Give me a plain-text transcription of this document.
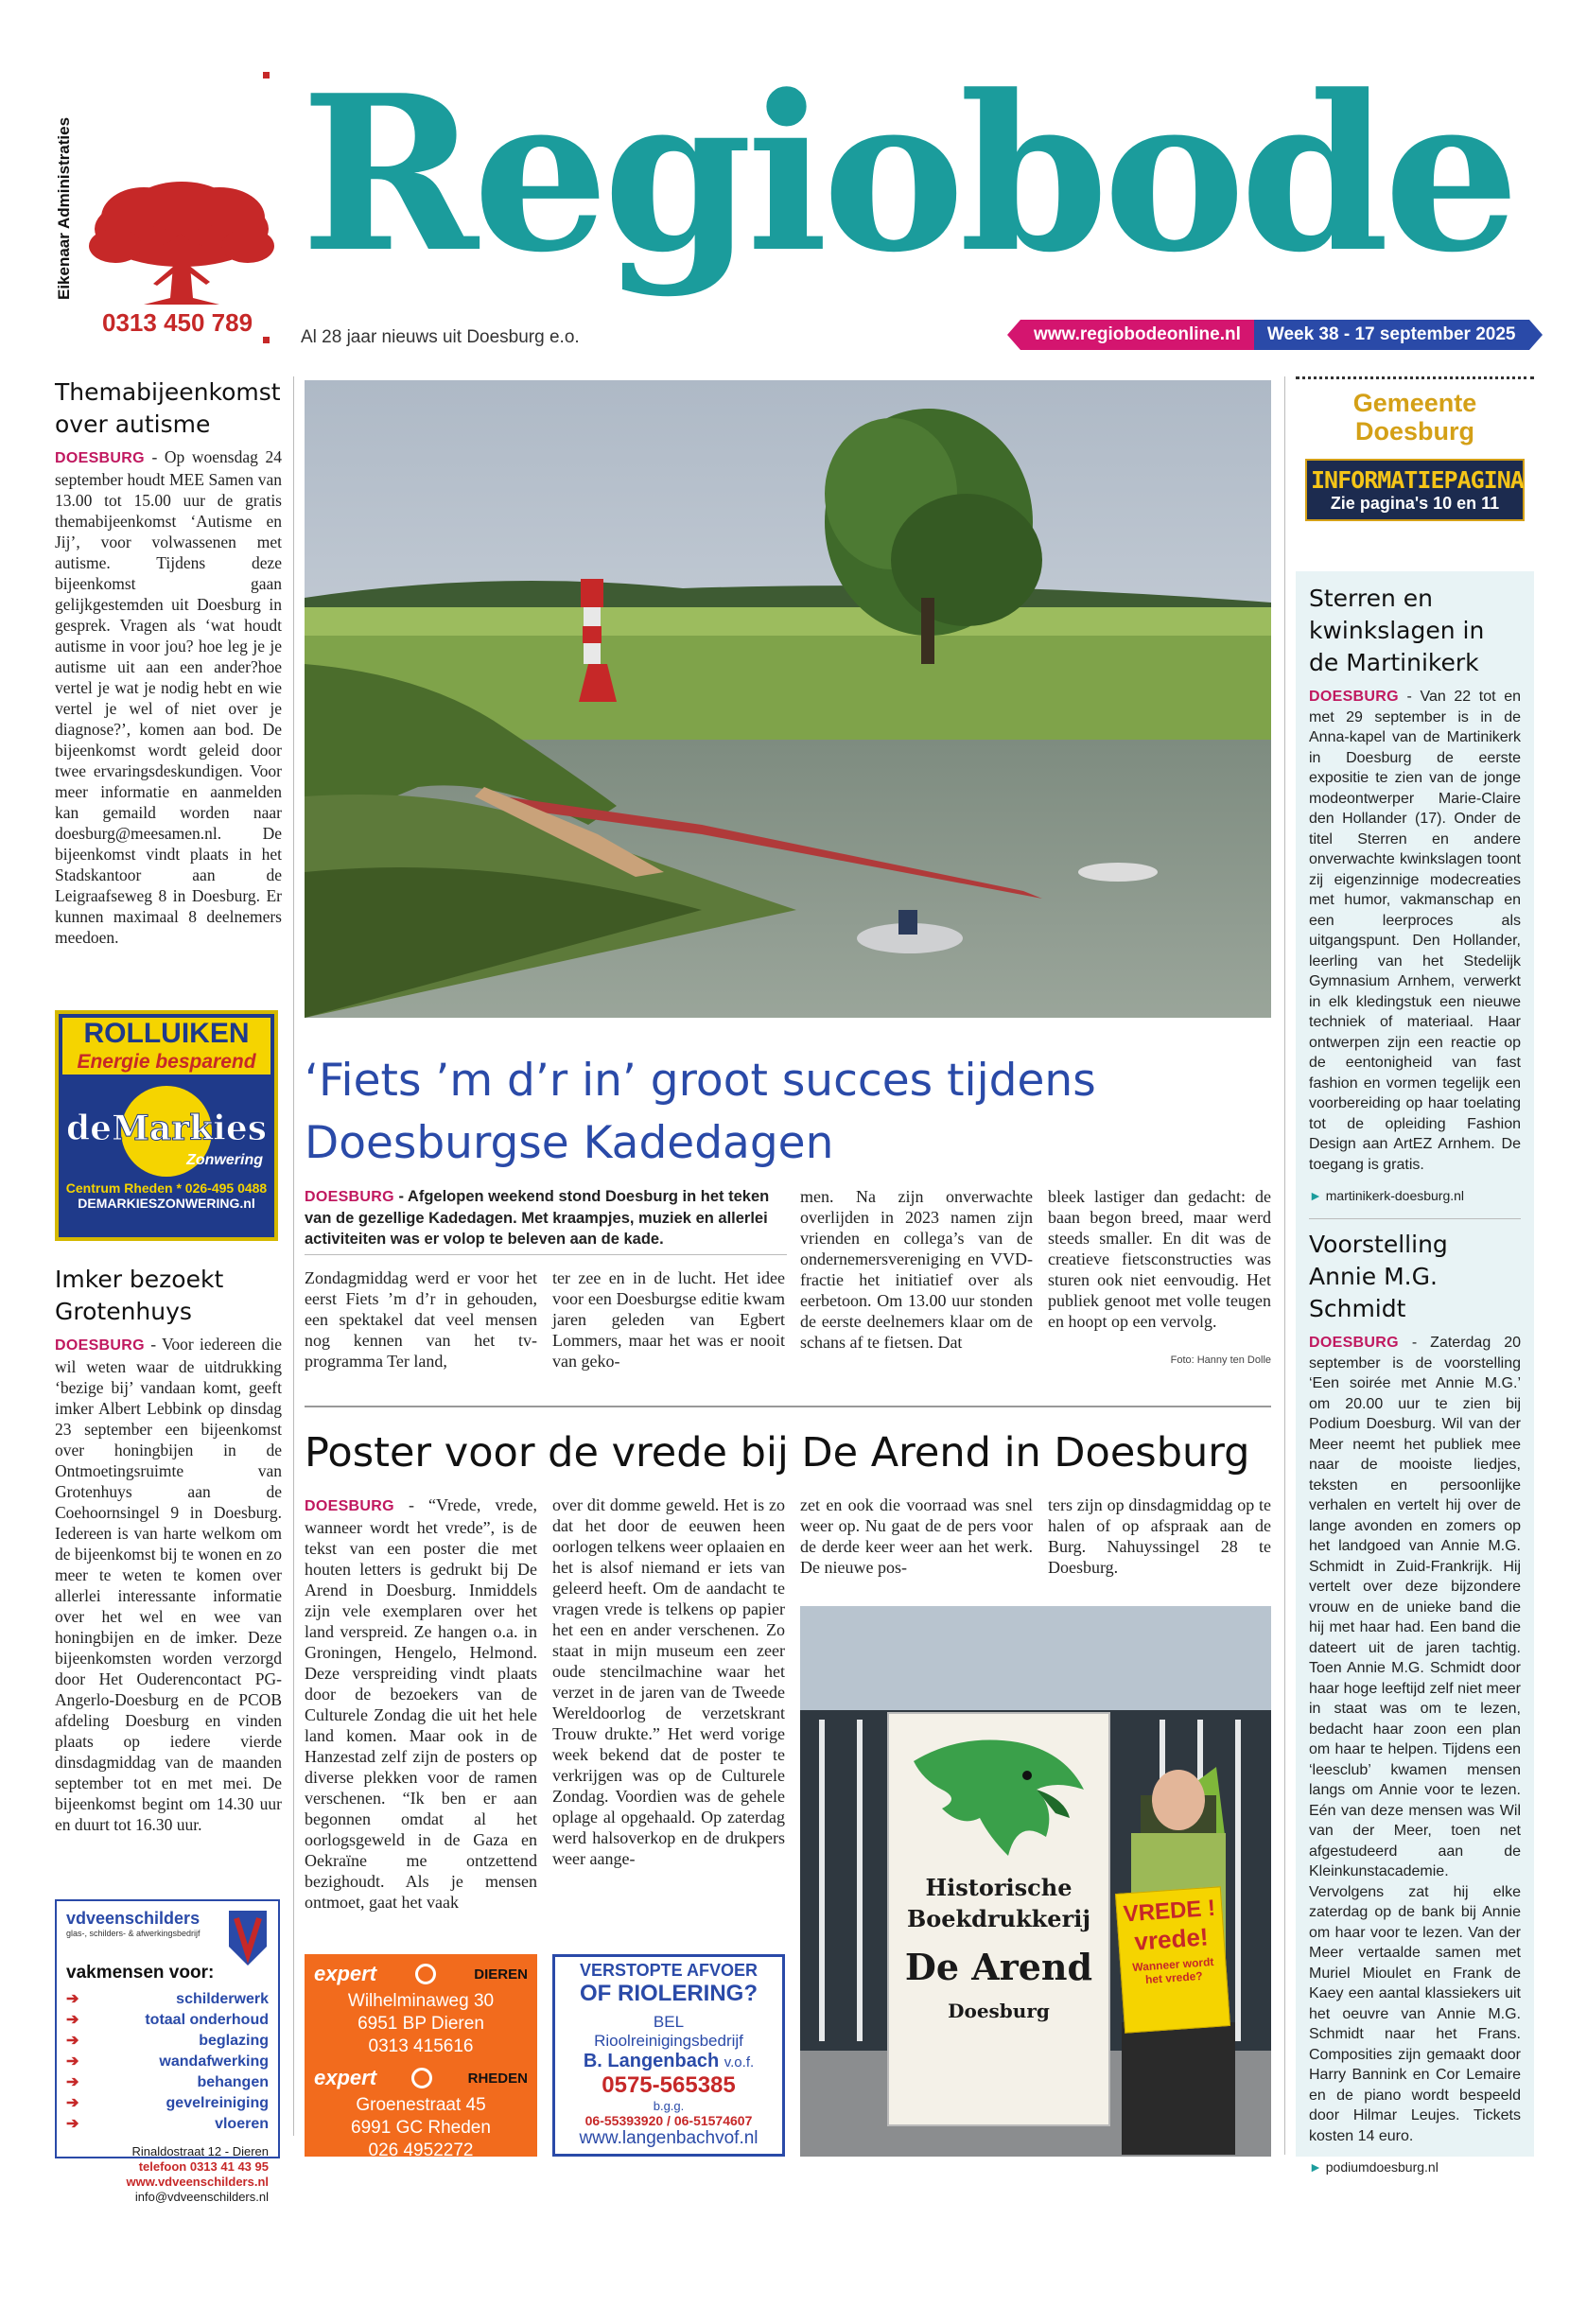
Eikenaar Administraties
0313 450 789
Regiobode
Al 28 jaar nieuws uit Doesburg e.o.	www.regiobodeonline.nl	Week 38 - 17 september 2025
Themabijeenkomst over autisme

DOESBURG - Op woensdag 24 september houdt MEE Samen van 13.00 tot 15.00 uur de gratis themabijeenkomst ‘Autisme en Jij’, voor volwassenen met autisme. Tijdens deze bijeenkomst gaan gelijkgestemden uit Doesburg in gesprek. Vragen als ‘wat houdt autisme in voor jou? hoe leg je je autisme uit aan een ander?hoe vertel je wat je nodig hebt en wie vertel je wel of niet over je diagnose?’, komen aan bod. De bijeenkomst wordt geleid door twee ervaringsdeskundigen. Voor meer informatie en aanmelden kan gemaild worden naar doesburg@meesamen.nl. De bijeenkomst vindt plaats in het Stadskantoor aan de Leigraafseweg 8 in Doesburg. Er kunnen maximaal 8 deelnemers meedoen.

ROLLUIKEN
Energie besparend
deMarkies
Zonwering
Centrum Rheden * 026-495 0488
DEMARKIESZONWERING.nl
Imker bezoekt Grotenhuys

DOESBURG - Voor iedereen die wil weten waar de uitdrukking ‘bezige bij’ vandaan komt, geeft imker Albert Lebbink op dinsdag 23 september een bijeenkomst over honingbijen in de Ontmoetingsruimte van Grotenhuys aan de Coehoornsingel 9 in Doesburg. Iedereen is van harte welkom om de bijeenkomst bij te wonen en zo meer te weten te komen over allerlei interessante informatie over het wel en wee van honingbijen en de imker. Deze bijeenkomsten worden verzorgd door Het Ouderencontact PG-Angerlo-Doesburg en de PCOB afdeling Doesburg en vinden plaats op iedere vierde dinsdagmiddag van de maanden september tot en met mei. De bijeenkomst begint om 14.30 uur en duurt tot 16.30 uur.

vdveenschilders
glas-, schilders- & afwerkingsbedrijf
vakmensen voor:
➔	schilderwerk
➔	totaal onderhoud
➔	beglazing
➔	wandafwerking
➔	behangen
➔	gevelreiniging
➔	vloeren
Rinaldostraat 12 - Dieren
telefoon 0313 41 43 95
www.vdveenschilders.nl
info@vdveenschilders.nl
‘Fiets ’m d’r in’ groot succes tijdens
Doesburgse Kadedagen
DOESBURG - Afgelopen weekend stond Doesburg in het teken van de gezellige Kadedagen. Met kraampjes, muziek en allerlei activiteiten was er volop te beleven aan de kade.
Zondagmiddag werd er voor het eerst Fiets ’m d’r in gehouden, een spektakel dat veel mensen nog kennen van het tv-programma Ter land,
ter zee en in de lucht. Het idee voor een Doesburgse editie kwam jaren geleden van Egbert Lommers, maar het was er nooit van geko-
men. Na zijn onverwachte overlijden in 2023 namen zijn vrienden en collega’s van de ondernemersvereniging en VVD-fractie het initiatief over als eerbetoon. Om 13.00 uur stonden de eerste deelnemers klaar om de schans af te fietsen. Dat
bleek lastiger dan gedacht: de baan begon breed, maar werd steeds smaller. En dit was de creatieve fietsconstructies was sturen ook niet eenvoudig. Het publiek genoot met volle teugen en hoopt op een vervolg.
Foto: Hanny ten Dolle
Poster voor de vrede bij De Arend in Doesburg
DOESBURG - “Vrede, vrede, wanneer wordt het vrede”, is de tekst van een poster die met houten letters is gedrukt bij De Arend in Doesburg. Inmiddels zijn vele exemplaren over het land verspreid. Ze hangen o.a. in Groningen, Hengelo, Helmond. Deze verspreiding vindt plaats door de bezoekers van de Culturele Zondag die uit het hele land komen. Maar ook in de Hanzestad zelf zijn de posters op diverse plekken voor de ramen verschenen. “Ik ben er aan begonnen omdat al het oorlogsgeweld in de Gaza en Oekraïne me ontzettend bezighoudt. Als je mensen ontmoet, gaat het vaak
over dit domme geweld. Het is zo dat het door de eeuwen heen oorlogen telkens weer oplaaien en het is alsof niemand er iets van geleerd heeft. Om de aandacht te vragen vrede is telkens op papier het een en ander verschenen. Zo staat in mijn museum een zeer oude stencilmachine waar het verzet in de jaren van de Tweede Wereldoorlog de verzetskrant Trouw drukte.” Het werd vorige week bekend dat de poster te verkrijgen was op de Culturele Zondag. Voordien was de gehele oplage al opgehaald. Op zaterdag werd halsoverkop en de drukpers weer aange-
zet en ook die voorraad was snel weer op. Nu gaat de de pers voor de derde keer weer aan het werk. De nieuwe pos-
ters zijn op dinsdagmiddag op te halen of op afspraak aan de Burg. Nahuyssingel 28 te Doesburg.
Historische
Boekdrukkerij
De Arend
Doesburg
VREDE !
vrede!
Wanneer wordt het vrede?
expert	DIEREN
Wilhelminaweg 30
6951 BP Dieren
0313 415616
expert	RHEDEN
Groenestraat 45
6991 GC Rheden
026 4952272
VERSTOPTE AFVOER
OF RIOLERING?
BEL
Rioolreinigingsbedrijf
B. Langenbach v.o.f.
0575-565385
b.g.g.
06-55393920 / 06-51574607
www.langenbachvof.nl
Gemeente
Doesburg
INFORMATIEPAGINA
Zie pagina's 10 en 11
Sterren en kwinkslagen in de Martinikerk

DOESBURG - Van 22 tot en met 29 september is in de Anna-kapel van de Martinikerk in Doesburg de eerste expositie te zien van de jonge modeontwerper Marie-Claire den Hollander (17). Onder de titel Sterren en andere onverwachte kwinkslagen toont zij eigenzinnige modecreaties met humor, vakmanschap en een leerproces als uitgangspunt. Den Hollander, leerling van het Stedelijk Gymnasium Arnhem, verwerkt in elk kledingstuk een nieuwe techniek of materiaal. Haar ontwerpen zijn een reactie op de eentonigheid van fast fashion en vormen tegelijk een voorbereiding op haar toelating tot de opleiding Fashion Design aan ArtEZ Arnhem. De toegang is gratis.

► martinikerk-doesburg.nl
Voorstelling Annie M.G. Schmidt

DOESBURG - Zaterdag 20 september is de voorstelling ‘Een soirée met Annie M.G.’ om 20.00 uur te zien bij Podium Doesburg. Wil van der Meer neemt het publiek mee naar de mooiste liedjes, teksten en persoonlijke verhalen en vertelt hij over de lange avonden en zomers op het landgoed van Annie M.G. Schmidt in Zuid-Frankrijk. Hij vertelt over deze bijzondere vrouw en de unieke band die hij met haar had. Een band die dateert uit de jaren tachtig. Toen Annie M.G. Schmidt door haar hoge leeftijd zelf niet meer in staat was om te lezen, bedacht haar zoon een plan om haar te helpen. Tijdens een ‘leesclub’ kwamen mensen langs om Annie voor te lezen. Eén van deze mensen was Wil van der Meer, toen net afgestudeerd aan de Kleinkunstacademie. Vervolgens zat hij elke zaterdag op de bank bij Annie om haar voor te lezen. Van der Meer vertaalde samen met Muriel Mioulet en Frank de Kaey een aantal klassiekers uit het oeuvre van Annie M.G. Schmidt naar het Frans. Composities zijn gemaakt door Harry Bannink en Cor Lemaire en de piano wordt bespeeld door Hilmar Leujes. Tickets kosten 14 euro.

► podiumdoesburg.nl
